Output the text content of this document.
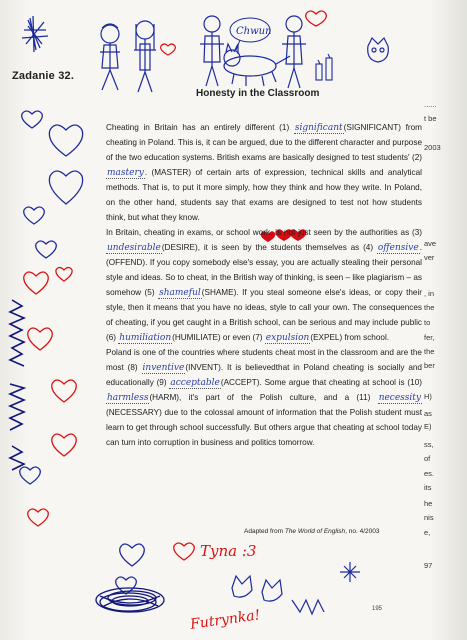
Chwun
Zadanie 32.
Honesty in the Classroom

Cheating in Britain has an entirely different (1) significant(SIGNIFICANT) from cheating in Poland. This is, it can be argued, due to the different character and purpose of the two education systems. British exams are basically designed to test students' (2) mastery. (MASTER) of certain arts of expression, technical skills and analytical methods. That is, to put it more simply, how they think and how they write. In Poland, on the other hand, students say that exams are designed to test not how students think, but what they know.

In Britain, cheating in exams, or school work, is not just seen by the authorities as (3) undesirable(DESIRE), it is seen by the students themselves as (4) offensive. (OFFEND). If you copy somebody else's essay, you are actually stealing their personal style and ideas. So to cheat, in the British way of thinking, is seen – like plagiarism – as somehow (5) shameful(SHAME). If you steal someone else's ideas, or copy their style, then it means that you have no ideas, style to call your own. The consequences of cheating, if you get caught in a British school, can be serious and may include public (6) humiliation(HUMILIATE) or even (7) expulsion(EXPEL) from school.

Poland is one of the countries where students cheat most in the classroom and are the most (8) inventive(INVENT). It is believedthat in Poland cheating is socially and educationally (9) acceptable(ACCEPT). Some argue that cheating at school is (10) harmless(HARM), it's part of the Polish culture, and a (11) necessity(NECESSARY) due to the colossal amount of information that the Polish student must learn to get through school successfully. But others argue that cheating at school today can turn into corruption in business and politics tomorrow.

Adapted from The World of English, no. 4/2003
......
t be
2003
ave
ver
, in
the
to
fer,
the
ber
H)
as
E)
ss,
of
es.
its
he
nis
e,
97
Tyna :3
Futrynka!	195
